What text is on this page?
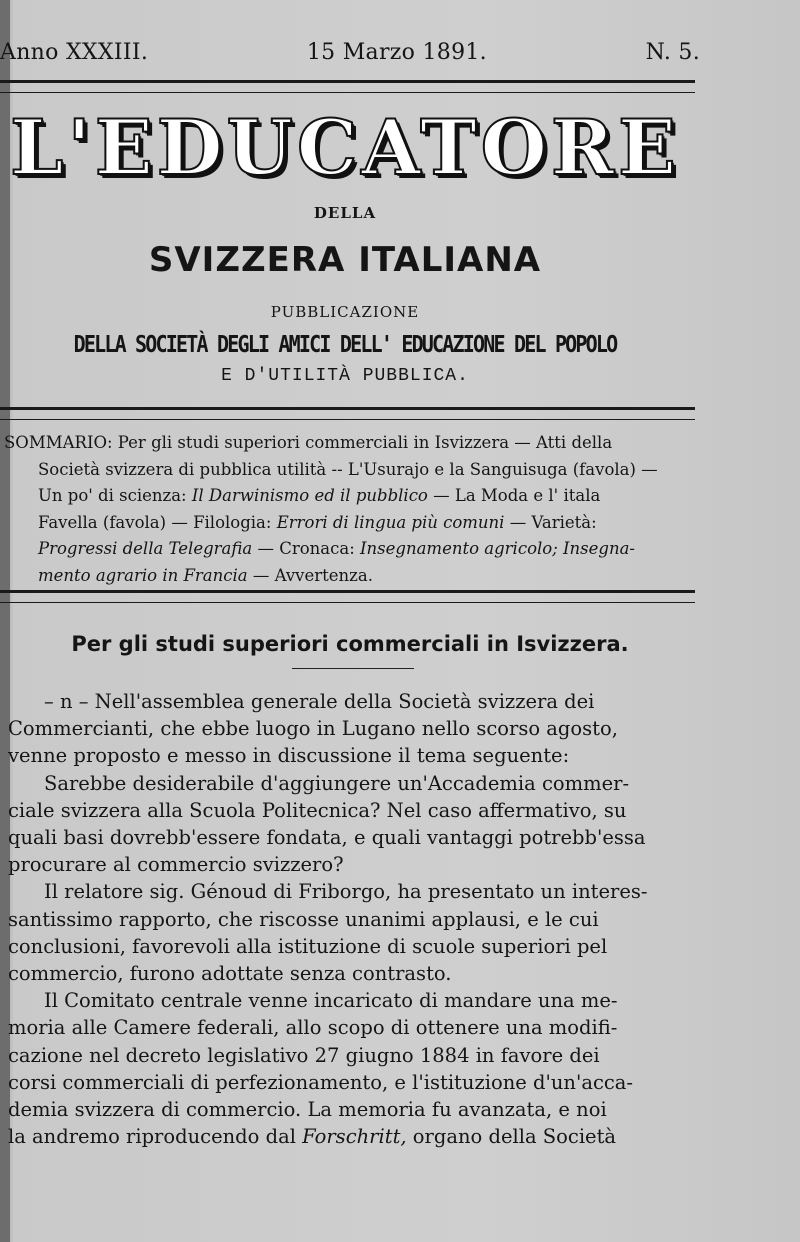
Anno XXXIII.	15 Marzo 1891.	N. 5.
L'EDUCATORE
DELLA
SVIZZERA ITALIANA
PUBBLICAZIONE
DELLA SOCIETÀ DEGLI AMICI DELL' EDUCAZIONE DEL POPOLO
E D'UTILITÀ PUBBLICA.
SOMMARIO: Per gli studi superiori commerciali in Isvizzera — Atti della
Società svizzera di pubblica utilità -- L'Usurajo e la Sanguisuga (favola) —
Un po' di scienza: Il Darwinismo ed il pubblico — La Moda e l' itala
Favella (favola) — Filologia: Errori di lingua più comuni — Varietà:
Progressi della Telegrafia — Cronaca: Insegnamento agricolo; Insegna-
mento agrario in Francia — Avvertenza.
Per gli studi superiori commerciali in Isvizzera.
– n – Nell'assemblea generale della Società svizzera dei
Commercianti, che ebbe luogo in Lugano nello scorso agosto,
venne proposto e messo in discussione il tema seguente:
Sarebbe desiderabile d'aggiungere un'Accademia commer-
ciale svizzera alla Scuola Politecnica? Nel caso affermativo, su
quali basi dovrebb'essere fondata, e quali vantaggi potrebb'essa
procurare al commercio svizzero?
Il relatore sig. Génoud di Friborgo, ha presentato un interes-
santissimo rapporto, che riscosse unanimi applausi, e le cui
conclusioni, favorevoli alla istituzione di scuole superiori pel
commercio, furono adottate senza contrasto.
Il Comitato centrale venne incaricato di mandare una me-
moria alle Camere federali, allo scopo di ottenere una modifi-
cazione nel decreto legislativo 27 giugno 1884 in favore dei
corsi commerciali di perfezionamento, e l'istituzione d'un'acca-
demia svizzera di commercio. La memoria fu avanzata, e noi
la andremo riproducendo dal Forschritt, organo della Società
